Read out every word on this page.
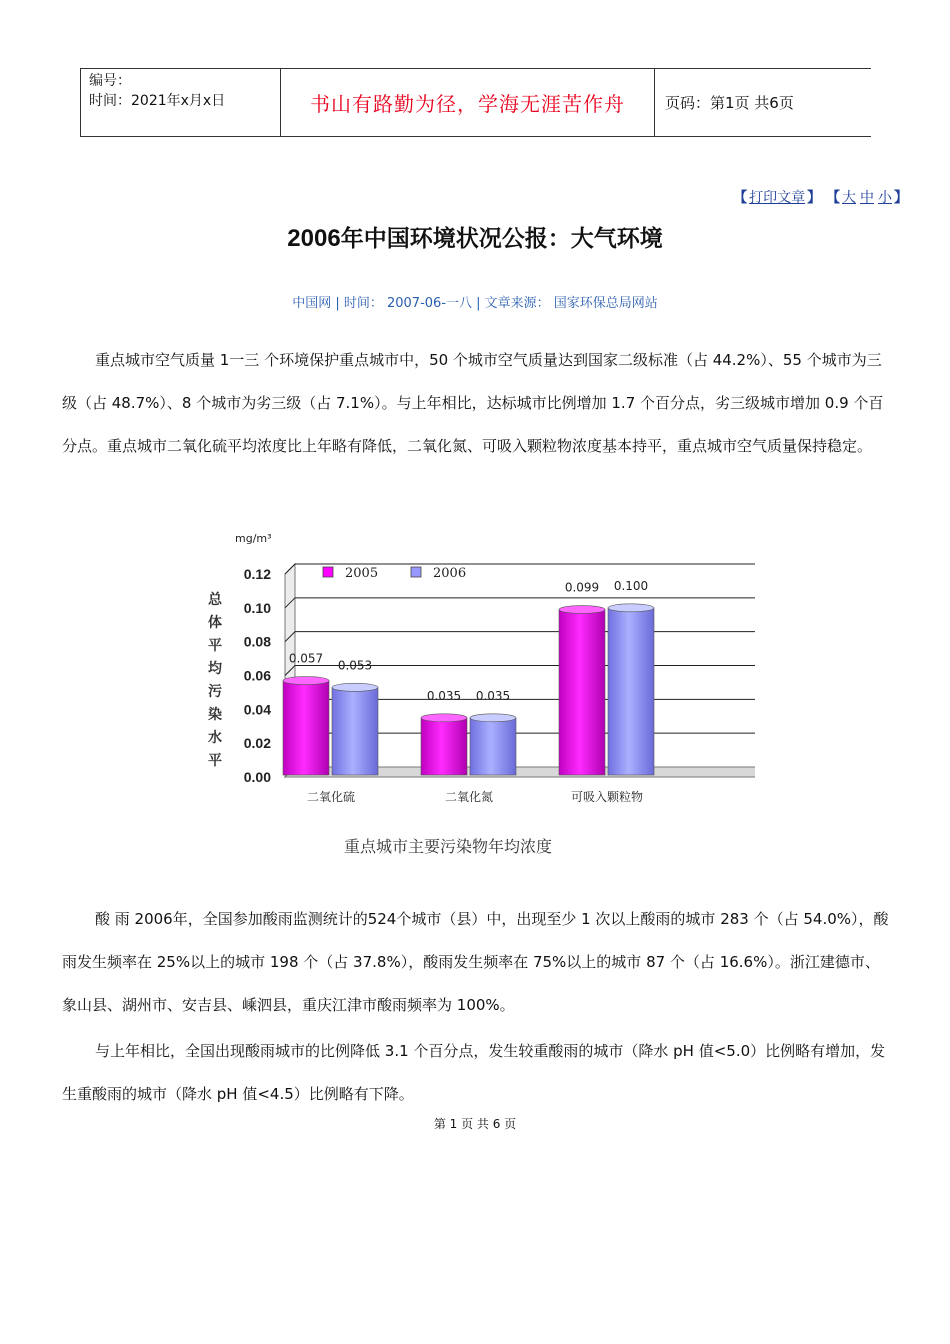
编号：
时间：2021年x月x日	书山有路勤为径，学海无涯苦作舟	页码：第1页 共6页
【 打印文章 】 【 大 中 小 】
2006年中国环境状况公报：大气环境
中国网 | 时间： 2007-06-一八 | 文章来源： 国家环保总局网站

重点城市空气质量 1一三 个环境保护重点城市中，50 个城市空气质量达到国家二级标准（占 44.2%）、55 个城市为三级（占 48.7%）、8 个城市为劣三级（占 7.1%）。与上年相比，达标城市比例增加 1.7 个百分点，劣三级城市增加 0.9 个百分点。重点城市二氧化硫平均浓度比上年略有降低，二氧化氮、可吸入颗粒物浓度基本持平，重点城市空气质量保持稳定。

0.12
0.10
0.08
0.06
0.04
0.02
0.00
0.057 0.053
0.035 0.035
0.099 0.100
二氧化硫	二氧化氮	可吸入颗粒物
2005	2006
mg/m³
总
体
平
均
污
染
水
平
重点城市主要污染物年均浓度

酸 雨 2006年，全国参加酸雨监测统计的524个城市（县）中，出现至少 1 次以上酸雨的城市 283 个（占 54.0%），酸雨发生频率在 25%以上的城市 198 个（占 37.8%），酸雨发生频率在 75%以上的城市 87 个（占 16.6%）。浙江建德市、象山县、湖州市、安吉县、嵊泗县，重庆江津市酸雨频率为 100%。

与上年相比，全国出现酸雨城市的比例降低 3.1 个百分点，发生较重酸雨的城市（降水 pH 值<5.0）比例略有增加，发生重酸雨的城市（降水 pH 值<4.5）比例略有下降。

第 1 页 共 6 页
